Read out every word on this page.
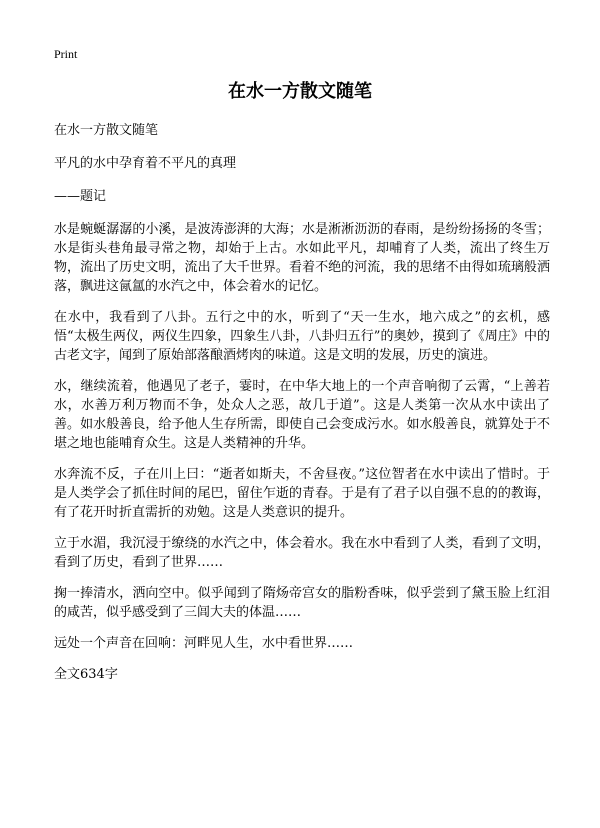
Print
在水一方散文随笔

在水一方散文随笔

平凡的水中孕育着不平凡的真理

——题记

水是蜿蜒潺潺的小溪，是波涛澎湃的大海；水是淅淅沥沥的春雨，是纷纷扬扬的冬雪；水是街头巷角最寻常之物，却始于上古。水如此平凡，却哺育了人类，流出了终生万物，流出了历史文明，流出了大千世界。看着不绝的河流，我的思绪不由得如琉璃般洒落，飘进这氤氲的水汽之中，体会着水的记忆。

在水中，我看到了八卦。五行之中的水，听到了“天一生水，地六成之”的玄机，感悟“太极生两仪，两仪生四象，四象生八卦，八卦归五行”的奥妙，摸到了《周庄》中的古老文字，闻到了原始部落酿酒烤肉的味道。这是文明的发展，历史的演进。

水，继续流着，他遇见了老子，霎时，在中华大地上的一个声音响彻了云霄，“上善若水，水善万利万物而不争，处众人之恶，故几于道”。这是人类第一次从水中读出了善。如水般善良，给予他人生存所需，即使自己会变成污水。如水般善良，就算处于不堪之地也能哺育众生。这是人类精神的升华。

水奔流不反，子在川上曰：“逝者如斯夫，不舍昼夜。”这位智者在水中读出了惜时。于是人类学会了抓住时间的尾巴，留住乍逝的青春。于是有了君子以自强不息的的教诲，有了花开时折直需折的劝勉。这是人类意识的提升。

立于水湄，我沉浸于缭绕的水汽之中，体会着水。我在水中看到了人类，看到了文明，看到了历史，看到了世界……

掬一捧清水，洒向空中。似乎闻到了隋炀帝宫女的脂粉香味，似乎尝到了黛玉脸上红泪的咸苦，似乎感受到了三闾大夫的体温……

远处一个声音在回响：河畔见人生，水中看世界……

全文634字
